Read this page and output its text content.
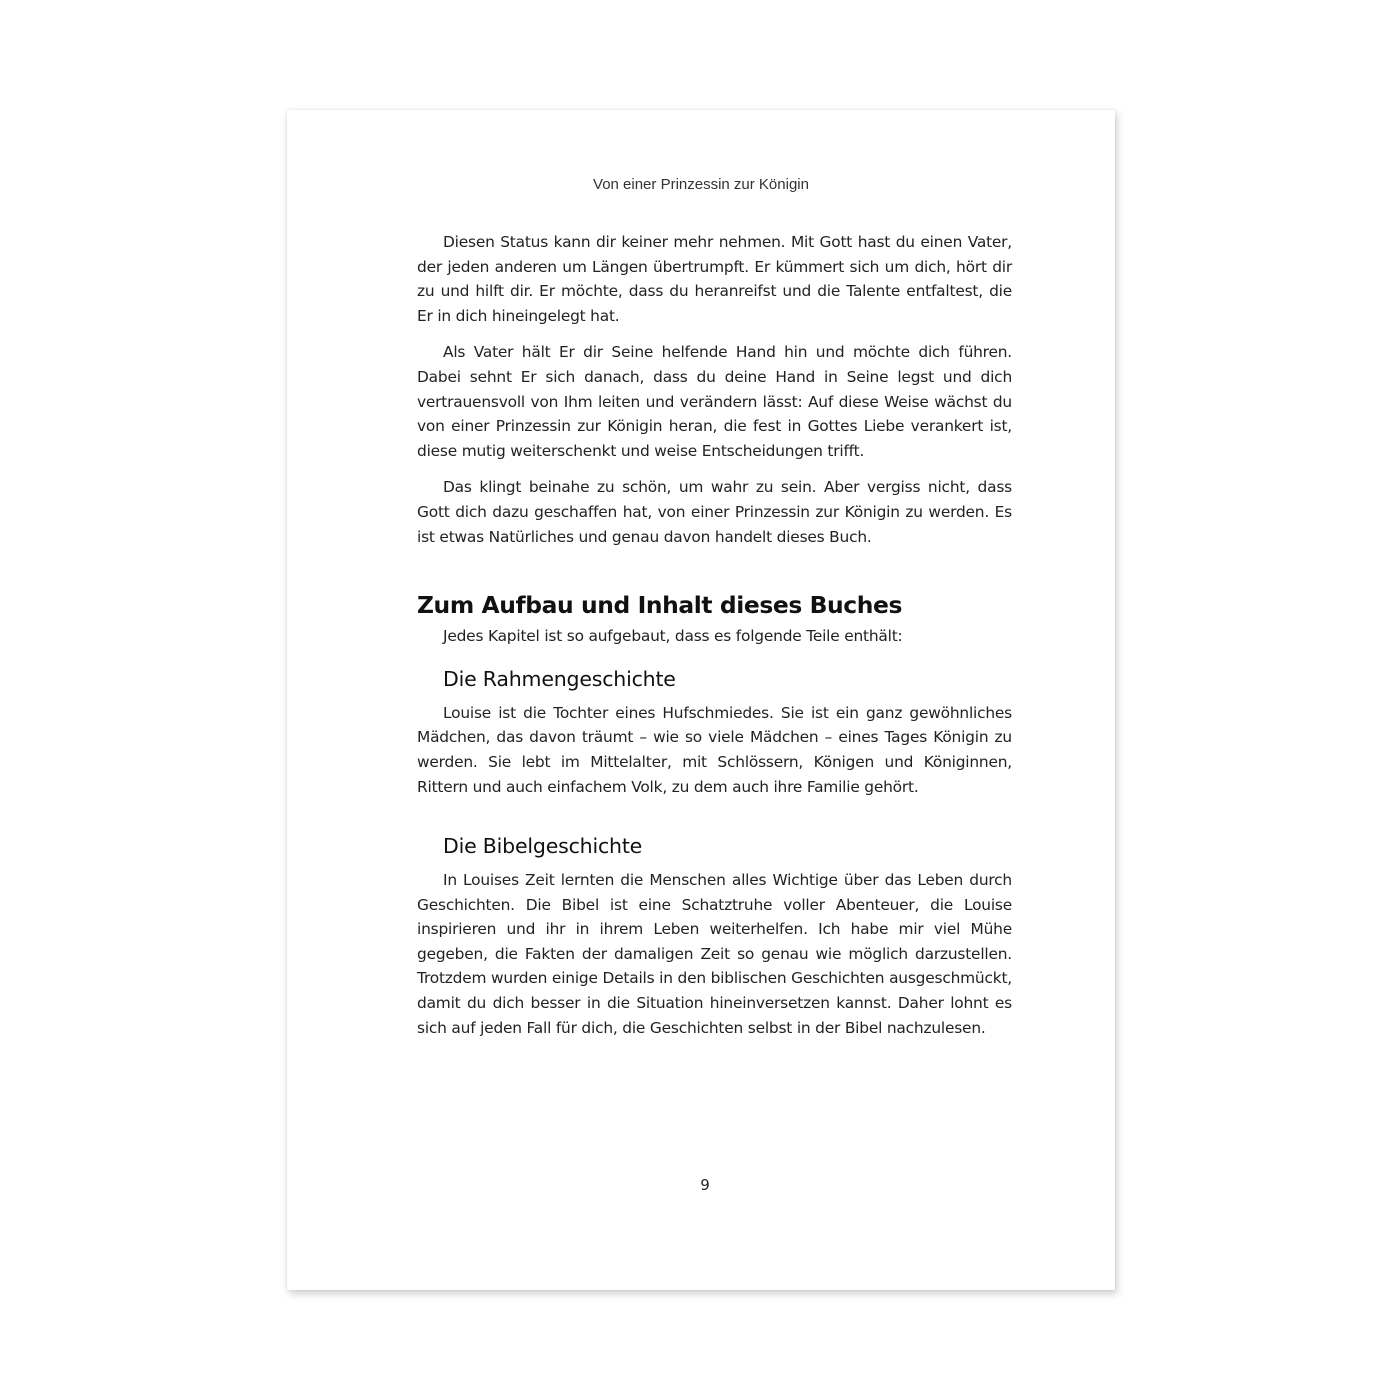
Von einer Prinzessin zur Königin

Diesen Status kann dir keiner mehr nehmen. Mit Gott hast du einen Vater, der jeden anderen um Längen übertrumpft. Er kümmert sich um dich, hört dir zu und hilft dir. Er möchte, dass du heranreifst und die Talente entfaltest, die Er in dich hineingelegt hat.

Als Vater hält Er dir Seine helfende Hand hin und möchte dich führen. Dabei sehnt Er sich danach, dass du deine Hand in Seine legst und dich vertrauensvoll von Ihm leiten und verändern lässt: Auf diese Weise wächst du von einer Prinzessin zur Königin heran, die fest in Gottes Liebe verankert ist, diese mutig weiterschenkt und weise Entscheidungen trifft.

Das klingt beinahe zu schön, um wahr zu sein. Aber vergiss nicht, dass Gott dich dazu geschaffen hat, von einer Prinzessin zur Königin zu werden. Es ist etwas Natürliches und genau davon handelt dieses Buch.

Zum Aufbau und Inhalt dieses Buches

Jedes Kapitel ist so aufgebaut, dass es folgende Teile enthält:

Die Rahmengeschichte

Louise ist die Tochter eines Hufschmiedes. Sie ist ein ganz gewöhnliches Mädchen, das davon träumt – wie so viele Mädchen – eines Tages Königin zu werden. Sie lebt im Mittelalter, mit Schlössern, Königen und Königinnen, Rittern und auch einfachem Volk, zu dem auch ihre Familie gehört.

Die Bibelgeschichte

In Louises Zeit lernten die Menschen alles Wichtige über das Leben durch Geschichten. Die Bibel ist eine Schatztruhe voller Abenteuer, die Louise inspirieren und ihr in ihrem Leben weiterhelfen. Ich habe mir viel Mühe gegeben, die Fakten der damaligen Zeit so genau wie möglich darzustellen. Trotzdem wurden einige Details in den biblischen Geschichten ausgeschmückt, damit du dich besser in die Situation hineinversetzen kannst. Daher lohnt es sich auf jeden Fall für dich, die Geschichten selbst in der Bibel nachzulesen.

9
